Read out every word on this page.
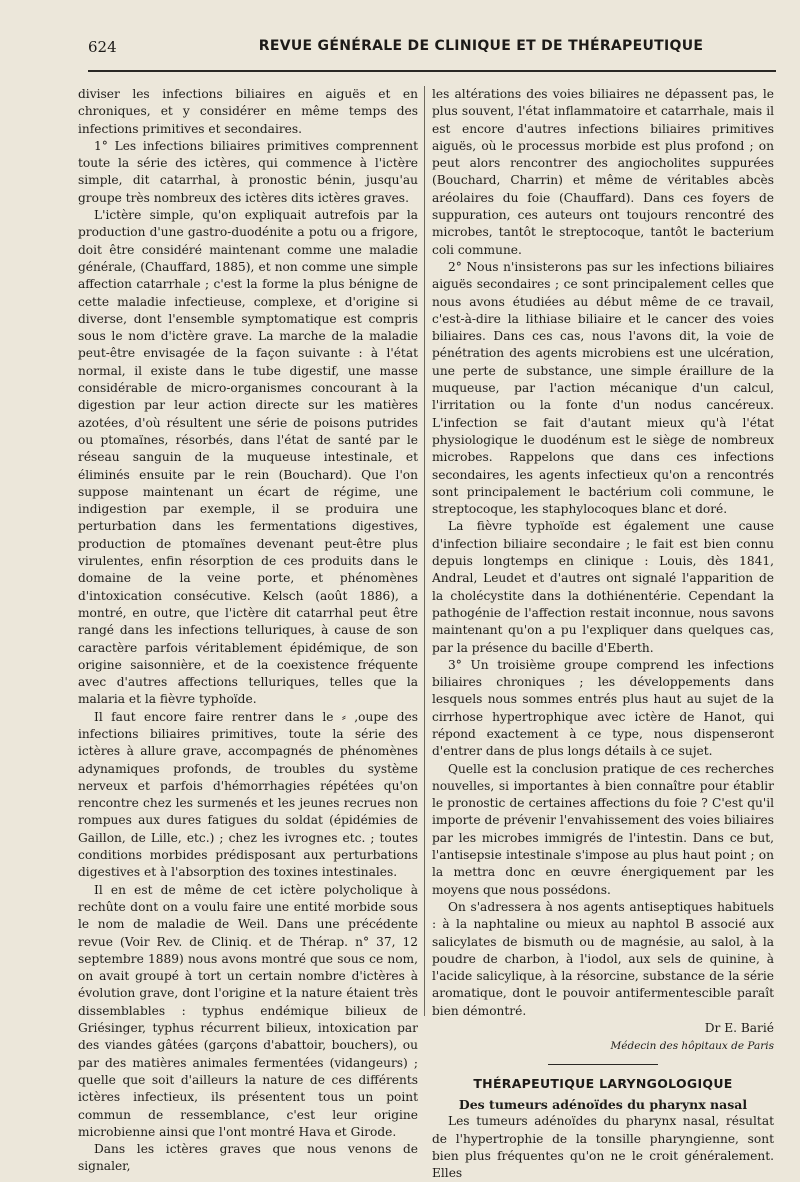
624	REVUE GÉNÉRALE DE CLINIQUE ET DE THÉRAPEUTIQUE

diviser les infections biliaires en aiguës et en chroniques, et y considérer en même temps des infections primitives et secondaires.

1° Les infections biliaires primitives comprennent toute la série des ictères, qui commence à l'ictère simple, dit catarrhal, à pronostic bénin, jusqu'au groupe très nombreux des ictères dits ictères graves.

L'ictère simple, qu'on expliquait autrefois par la production d'une gastro-duodénite a potu ou a frigore, doit être considéré maintenant comme une maladie générale, (Chauffard, 1885), et non comme une simple affection catarrhale ; c'est la forme la plus bénigne de cette maladie infectieuse, complexe, et d'origine si diverse, dont l'ensemble symptomatique est compris sous le nom d'ictère grave. La marche de la maladie peut-être envisagée de la façon suivante : à l'état normal, il existe dans le tube digestif, une masse considérable de micro-organismes concourant à la digestion par leur action directe sur les matières azotées, d'où résultent une série de poisons putrides ou ptomaïnes, résorbés, dans l'état de santé par le réseau sanguin de la muqueuse intestinale, et éliminés ensuite par le rein (Bouchard). Que l'on suppose maintenant un écart de régime, une indigestion par exemple, il se produira une perturbation dans les fermentations digestives, production de ptomaïnes devenant peut-être plus virulentes, enfin résorption de ces produits dans le domaine de la veine porte, et phénomènes d'intoxication consécutive. Kelsch (août 1886), a montré, en outre, que l'ictère dit catarrhal peut être rangé dans les infections telluriques, à cause de son caractère parfois véritablement épidémique, de son origine saisonnière, et de la coexistence fréquente avec d'autres affections telluriques, telles que la malaria et la fièvre typhoïde.

Il faut encore faire rentrer dans le ⸗ ,oupe des infections biliaires primitives, toute la série des ictères à allure grave, accompagnés de phénomènes adynamiques profonds, de troubles du système nerveux et parfois d'hémorrhagies répétées qu'on rencontre chez les surmenés et les jeunes recrues non rompues aux dures fatigues du soldat (épidémies de Gaillon, de Lille, etc.) ; chez les ivrognes etc. ; toutes conditions morbides prédisposant aux perturbations digestives et à l'absorption des toxines intestinales.

Il en est de même de cet ictère polycholique à rechûte dont on a voulu faire une entité morbide sous le nom de maladie de Weil. Dans une précédente revue (Voir Rev. de Cliniq. et de Thérap. n° 37, 12 septembre 1889) nous avons montré que sous ce nom, on avait groupé à tort un certain nombre d'ictères à évolution grave, dont l'origine et la nature étaient très dissemblables : typhus endémique bilieux de Griésinger, typhus récurrent bilieux, intoxication par des viandes gâtées (garçons d'abattoir, bouchers), ou par des matières animales fermentées (vidangeurs) ; quelle que soit d'ailleurs la nature de ces différents ictères infectieux, ils présentent tous un point commun de ressemblance, c'est leur origine microbienne ainsi que l'ont montré Hava et Girode.

Dans les ictères graves que nous venons de signaler,

les altérations des voies biliaires ne dépassent pas, le plus souvent, l'état inflammatoire et catarrhale, mais il est encore d'autres infections biliaires primitives aiguës, où le processus morbide est plus profond ; on peut alors rencontrer des angiocholites suppurées (Bouchard, Charrin) et même de véritables abcès aréolaires du foie (Chauffard). Dans ces foyers de suppuration, ces auteurs ont toujours rencontré des microbes, tantôt le streptocoque, tantôt le bacterium coli commune.

2° Nous n'insisterons pas sur les infections biliaires aiguës secondaires ; ce sont principalement celles que nous avons étudiées au début même de ce travail, c'est-à-dire la lithiase biliaire et le cancer des voies biliaires. Dans ces cas, nous l'avons dit, la voie de pénétration des agents microbiens est une ulcération, une perte de substance, une simple éraillure de la muqueuse, par l'action mécanique d'un calcul, l'irritation ou la fonte d'un nodus cancéreux. L'infection se fait d'autant mieux qu'à l'état physiologique le duodénum est le siège de nombreux microbes. Rappelons que dans ces infections secondaires, les agents infectieux qu'on a rencontrés sont principalement le bactérium coli commune, le streptocoque, les staphylocoques blanc et doré.

La fièvre typhoïde est également une cause d'infection biliaire secondaire ; le fait est bien connu depuis longtemps en clinique : Louis, dès 1841, Andral, Leudet et d'autres ont signalé l'apparition de la cholécystite dans la dothiénentérie. Cependant la pathogénie de l'affection restait inconnue, nous savons maintenant qu'on a pu l'expliquer dans quelques cas, par la présence du bacille d'Eberth.

3° Un troisième groupe comprend les infections biliaires chroniques ; les développements dans lesquels nous sommes entrés plus haut au sujet de la cirrhose hypertrophique avec ictère de Hanot, qui répond exactement à ce type, nous dispenseront d'entrer dans de plus longs détails à ce sujet.

Quelle est la conclusion pratique de ces recherches nouvelles, si importantes à bien connaître pour établir le pronostic de certaines affections du foie ? C'est qu'il importe de prévenir l'envahissement des voies biliaires par les microbes immigrés de l'intestin. Dans ce but, l'antisepsie intestinale s'impose au plus haut point ; on la mettra donc en œuvre énergiquement par les moyens que nous possédons.

On s'adressera à nos agents antiseptiques habituels : à la naphtaline ou mieux au naphtol B associé aux salicylates de bismuth ou de magnésie, au salol, à la poudre de charbon, à l'iodol, aux sels de quinine, à l'acide salicylique, à la résorcine, substance de la série aromatique, dont le pouvoir antifermentescible paraît bien démontré.

Dr E. Barié

Médecin des hôpitaux de Paris

THÉRAPEUTIQUE LARYNGOLOGIQUE

Des tumeurs adénoïdes du pharynx nasal

Les tumeurs adénoïdes du pharynx nasal, résultat de l'hypertrophie de la tonsille pharyngienne, sont bien plus fréquentes qu'on ne le croit généralement. Elles
